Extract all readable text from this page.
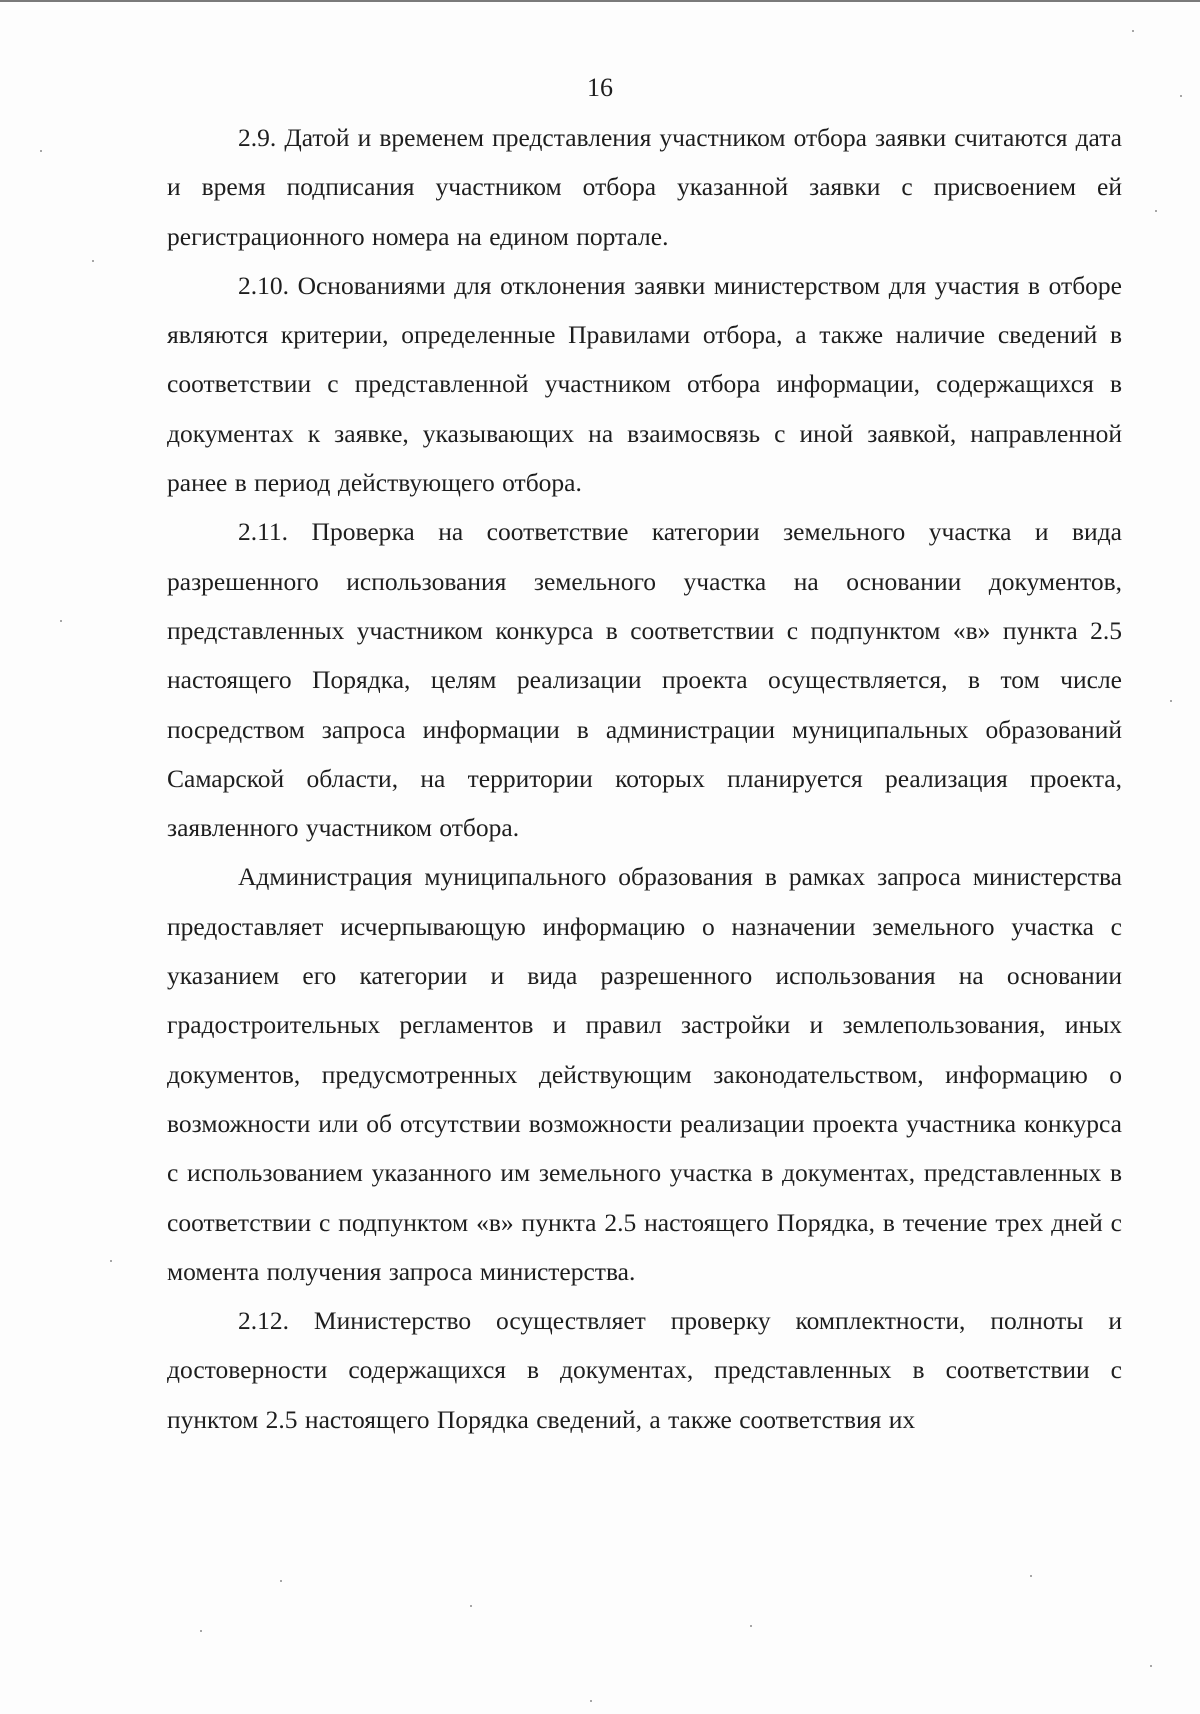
16

2.9. Датой и временем представления участником отбора заявки считаются дата и время подписания участником отбора указанной заявки с присвоением ей регистрационного номера на едином портале.

2.10. Основаниями для отклонения заявки министерством для участия в отборе являются критерии, определенные Правилами отбора, а также наличие сведений в соответствии с представленной участником отбора информации, содержащихся в документах к заявке, указывающих на взаимосвязь с иной заявкой, направленной ранее в период действующего отбора.

2.11. Проверка на соответствие категории земельного участка и вида разрешенного использования земельного участка на основании документов, представленных участником конкурса в соответствии с подпунктом «в» пункта 2.5 настоящего Порядка, целям реализации проекта осуществляется, в том числе посредством запроса информации в администрации муниципальных образований Самарской области, на территории которых планируется реализация проекта, заявленного участником отбора.

Администрация муниципального образования в рамках запроса министерства предоставляет исчерпывающую информацию о назначении земельного участка с указанием его категории и вида разрешенного использования на основании градостроительных регламентов и правил застройки и землепользования, иных документов, предусмотренных действующим законодательством, информацию о возможности или об отсутствии возможности реализации проекта участника конкурса с использованием указанного им земельного участка в документах, представленных в соответствии с подпунктом «в» пункта 2.5 настоящего Порядка, в течение трех дней с момента получения запроса министерства.

2.12. Министерство осуществляет проверку комплектности, полноты и достоверности содержащихся в документах, представленных в соответствии с пунктом 2.5 настоящего Порядка сведений, а также соответствия их
